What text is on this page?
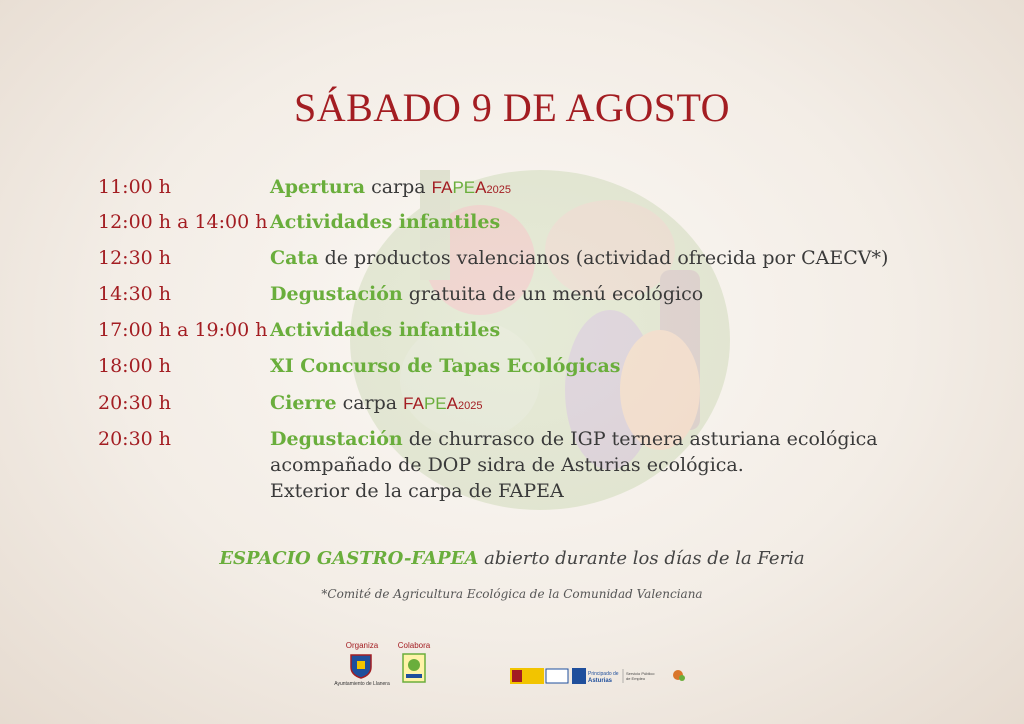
SÁBADO 9 DE AGOSTO
11:00 h	Apertura carpa FAPEA2025
12:00 h a 14:00 h Actividades infantiles
12:30 h	Cata de productos valencianos (actividad ofrecida por CAECV*)
14:30 h	Degustación gratuita de un menú ecológico
17:00 h a 19:00 h Actividades infantiles
18:00 h	XI Concurso de Tapas Ecológicas
20:30 h	Cierre carpa FAPEA2025
20:30 h	Degustación de churrasco de IGP ternera asturiana ecológica
acompañado de DOP sidra de Asturias ecológica.
Exterior de la carpa de FAPEA
ESPACIO GASTRO-FAPEA abierto durante los días de la Feria
*Comité de Agricultura Ecológica de la Comunidad Valenciana
Organiza
Ayuntamiento de Llanera
Colabora
Principado de
Asturias
Servicio Público
de Empleo
